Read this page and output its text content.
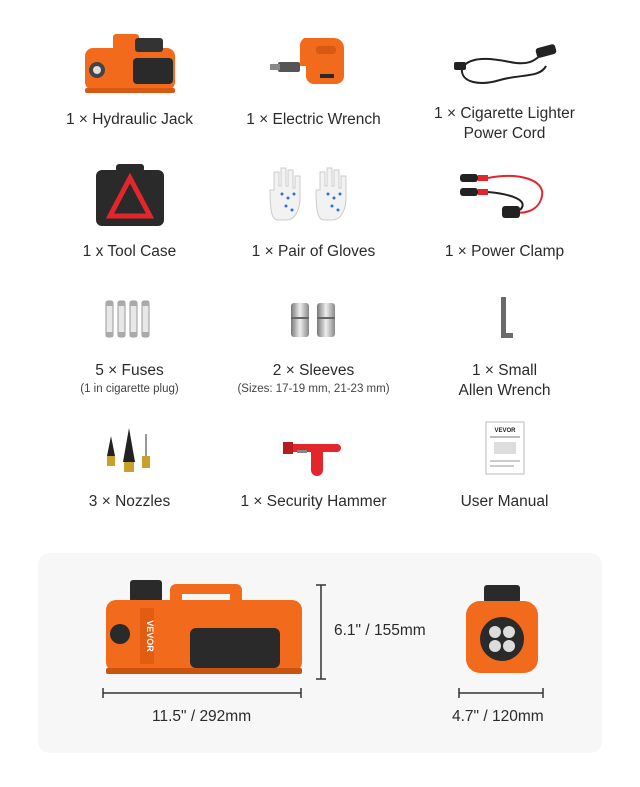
1 × Hydraulic Jack	1 × Electric Wrench	1 × Cigarette Lighter
Power Cord
1 x Tool Case	1 × Pair of Gloves	1 × Power Clamp
5 × Fuses
(1 in cigarette plug)
2 × Sleeves
(Sizes: 17-19 mm, 21-23 mm)
1 × Small
Allen Wrench
3 × Nozzles	1 × Security Hammer
VEVOR
User Manual
VEVOR	6.1" / 155mm
11.5" / 292mm	4.7" / 120mm
